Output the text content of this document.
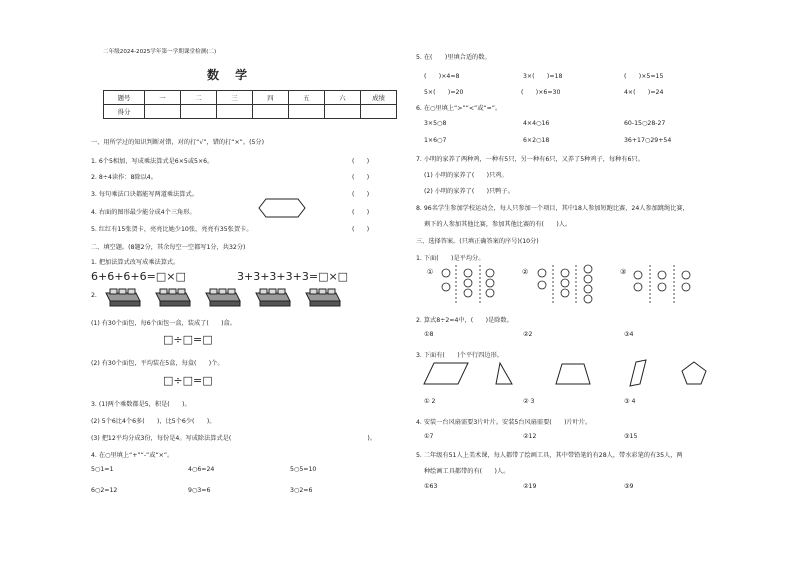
二年级2024-2025学年第一学期课堂检测(二)
数 学
题号	一	二	三	四	五	六	成绩
得分							
一、用所学过的知识判断对错，对的打“√”，错的打“×”。(5分)
1. 6个5相加，写成乘法算式是6×5或5×6。	(　　)
2. 8÷4读作：8除以4。	(　　)
3. 每句乘法口诀都能写两道乘法算式。	(　　)
4. 右面的图形最少能分成4个三角形。	(　　)
5. 红红有15张贺卡，亮亮比她少10张，亮亮有35张贺卡。	(　　)
二、填空题。(8题2分，其余每空一空都写1分，共32分)
1. 把加法算式改写成乘法算式。
6+6+6+6=□×□	3+3+3+3+3=□×□
2.
(1) 有30个面包，每6个面包一盒，装成了(　　)盒。
□÷□=□
(2) 有30个面包，平均装在5盒，每盒(　　)个。
□÷□=□
3. (1)两个乘数都是5，积是(　　)。
(2) 5个6比4个6多(　　)，比5个6少(　　)。
(3) 把12平均分成3份，每份是4。写成除法算式是(　　　　　　　　　　　　　　　　　　　　　　)。
4. 在○里填上“+”“-”或“×”。
5○1=1	4○6=24	5○5=10
6○2=12	9○3=6	3○2=6
5. 在(　　)里填合适的数。
(　　)×4=8	3×(　　)=18	(　　)×5=15
5×(　　)=20	(　　)×6=30	4×(　　)=24
6. 在○里填上“>”“<”或“=”。
3×5○8	4×4○16	60-15○28-27
1×6○7	6×2○18	36+17○29+54
7. 小明的家养了两种鸡，一种有5只，另一种有6只，又养了5种鸡子，每种有6只。
(1) 小明的家养了(　　)只鸡。
(2) 小明的家养了(　　)只鸭子。
8. 96名学生参加学校运动会，每人只参加一个项目，其中18人参加短跑比赛，24人参加跳绳比赛，
剩下的人参加其他比赛，参加其他比赛的有(　　)人。
三、选择答案。(只填正确答案的序号)(10分)
1. 下面(　　)是平均分。
①	②	③
2. 算式8÷2=4中，(　　)是除数。
①8	②2	③4
3. 下面有(　　)个平行四边形。
① 2	② 3	③ 4
4. 安装一台风扇需要3片叶片。安装5台风扇需要(　　)片叶片。
①7	②12	③15
5. 二年级有51人上美术课，每人都带了绘画工具，其中带铅笔的有28人，带水彩笔的有35人，两
种绘画工具都带的有(　　)人。
①63	②19	③9
